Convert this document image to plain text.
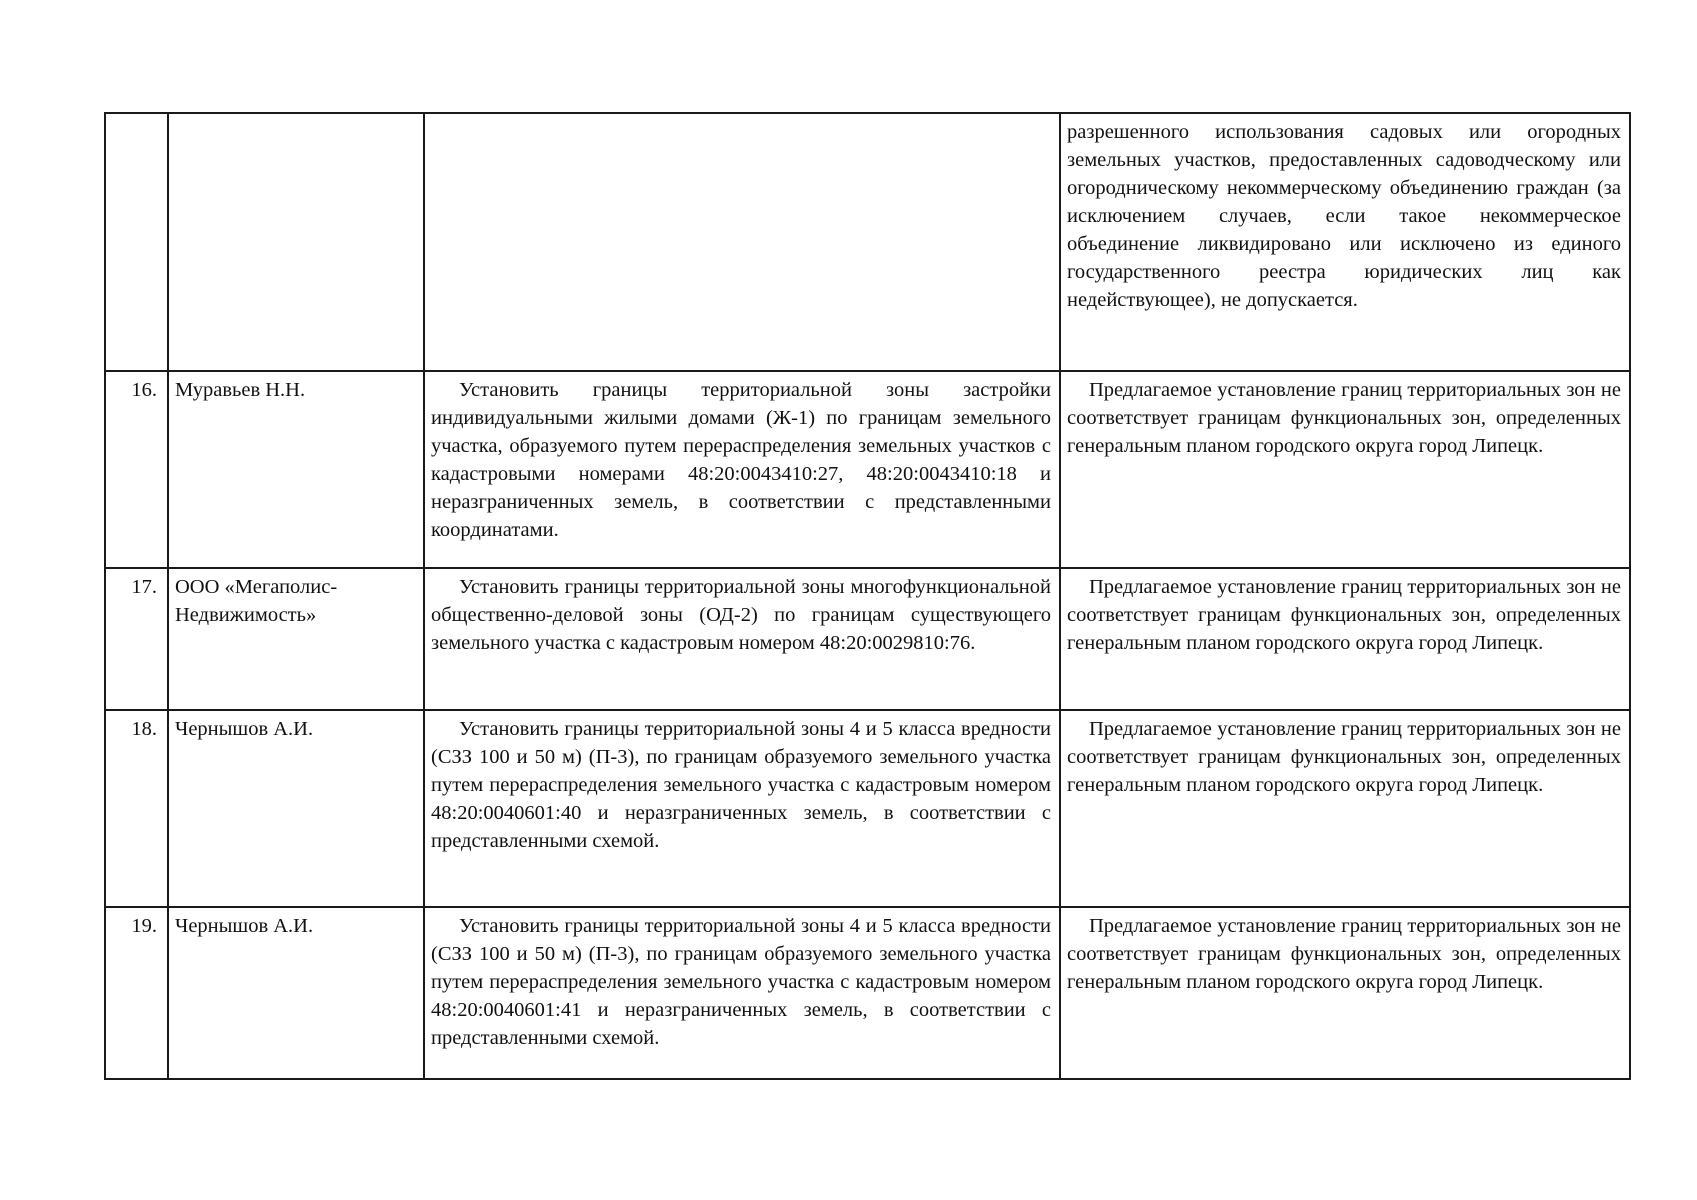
			разрешенного использования садовых или огородных земельных участков, предоставленных садоводческому или огородническому некоммерческому объединению граждан (за исключением случаев, если такое некоммерческое объединение ликвидировано или исключено из единого государственного реестра юридических лиц как недействующее), не допускается.
16.	Муравьев Н.Н.	Установить границы территориальной зоны застройки индивидуальными жилыми домами (Ж-1) по границам земельного участка, образуемого путем перераспределения земельных участков с кадастровыми номерами 48:20:0043410:27, 48:20:0043410:18 и неразграниченных земель, в соответствии с представленными координатами.	Предлагаемое установление границ территориальных зон не соответствует границам функциональных зон, определенных генеральным планом городского округа город Липецк.
17.	ООО «Мегаполис-Недвижимость»	Установить границы территориальной зоны многофункциональной общественно-деловой зоны (ОД-2) по границам существующего земельного участка с кадастровым номером 48:20:0029810:76.	Предлагаемое установление границ территориальных зон не соответствует границам функциональных зон, определенных генеральным планом городского округа город Липецк.
18.	Чернышов А.И.	Установить границы территориальной зоны 4 и 5 класса вредности (СЗЗ 100 и 50 м) (П-3), по границам образуемого земельного участка путем перераспределения земельного участка с кадастровым номером 48:20:0040601:40 и неразграниченных земель, в соответствии с представленными схемой.	Предлагаемое установление границ территориальных зон не соответствует границам функциональных зон, определенных генеральным планом городского округа город Липецк.
19.	Чернышов А.И.	Установить границы территориальной зоны 4 и 5 класса вредности (СЗЗ 100 и 50 м) (П-3), по границам образуемого земельного участка путем перераспределения земельного участка с кадастровым номером 48:20:0040601:41 и неразграниченных земель, в соответствии с представленными схемой.	Предлагаемое установление границ территориальных зон не соответствует границам функциональных зон, определенных генеральным планом городского округа город Липецк.
